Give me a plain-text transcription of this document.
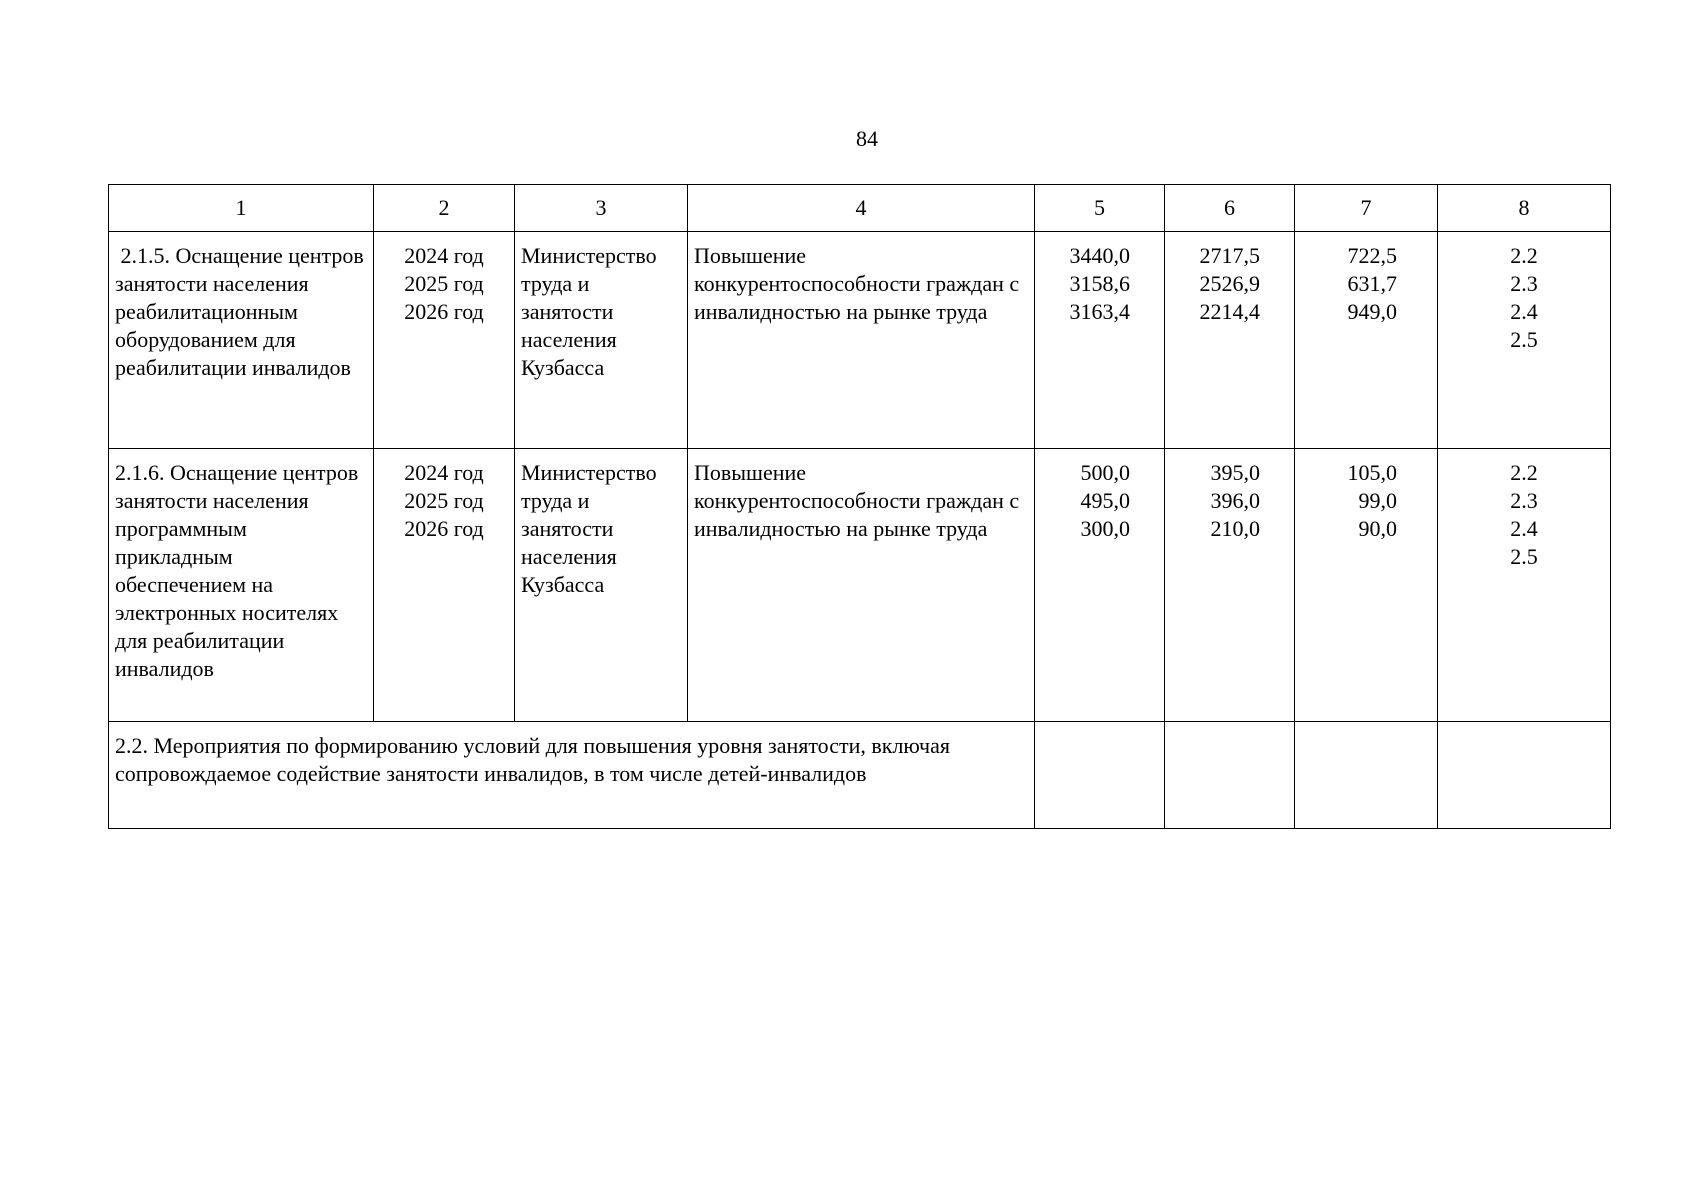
84
1	2	3	4	5	6	7	8

2.1.5. Оснащение центров занятости населения реабилитационным оборудованием для реабилитации инвалидов	2024 год
2025 год
2026 год	Министерство труда и занятости населения Кузбасса	Повышение конкурентоспособности граждан с инвалидностью на рынке труда	3440,0
3158,6
3163,4	2717,5
2526,9
2214,4	722,5
631,7
949,0	2.2
2.3
2.4
2.5

2.1.6. Оснащение центров занятости населения программным прикладным обеспечением на электронных носителях для реабилитации инвалидов	2024 год
2025 год
2026 год	Министерство труда и занятости населения Кузбасса	Повышение конкурентоспособности граждан с инвалидностью на рынке труда	500,0
495,0
300,0	395,0
396,0
210,0	105,0
99,0
90,0	2.2
2.3
2.4
2.5

2.2. Мероприятия по формированию условий для повышения уровня занятости, включая сопровождаемое содействие занятости инвалидов, в том числе детей-инвалидов							
